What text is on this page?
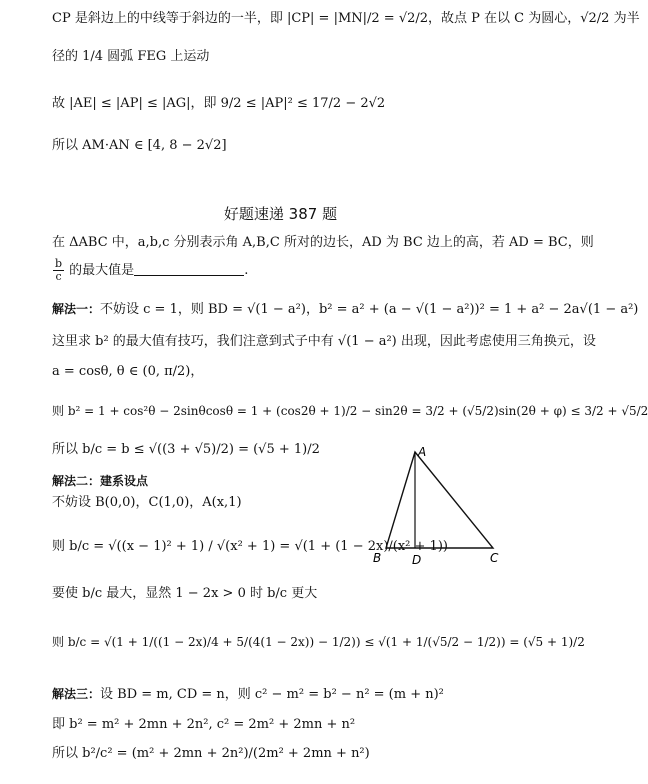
CP 是斜边上的中线等于斜边的一半，即 |CP| = |MN|/2 = √2/2，故点 P 在以 C 为圆心，√2/2 为半
径的 1/4 圆弧 FEG 上运动
故 |AE| ≤ |AP| ≤ |AG|，即 9/2 ≤ |AP|² ≤ 17/2 − 2√2
所以 AM·AN ∈ [4, 8 − 2√2]
好题速递 387 题
在 ΔABC 中，a,b,c 分别表示角 A,B,C 所对的边长，AD 为 BC 边上的高，若 AD = BC，则
$\frac{b}{c}$ 的最大值是	.
解法一：不妨设 c = 1，则 BD = √(1 − a²)，b² = a² + (a − √(1 − a²))² = 1 + a² − 2a√(1 − a²)
这里求 b² 的最大值有技巧，我们注意到式子中有 √(1 − a²) 出现，因此考虑使用三角换元，设
a = cosθ, θ ∈ (0, π/2)，
则 b² = 1 + cos²θ − 2sinθcosθ = 1 + (cos2θ + 1)/2 − sin2θ = 3/2 + (√5/2)sin(2θ + φ) ≤ 3/2 + √5/2
所以 b/c = b ≤ √((3 + √5)/2) = (√5 + 1)/2
解法二：建系设点
不妨设 B(0,0)，C(1,0)，A(x,1)
则 b/c = √((x − 1)² + 1) / √(x² + 1) = √(1 + (1 − 2x)/(x² + 1))
要使 b/c 最大，显然 1 − 2x > 0 时 b/c 更大
则 b/c = √(1 + 1/((1 − 2x)/4 + 5/(4(1 − 2x)) − 1/2)) ≤ √(1 + 1/(√5/2 − 1/2)) = (√5 + 1)/2
解法三：设 BD = m, CD = n，则 c² − m² = b² − n² = (m + n)²
即 b² = m² + 2mn + 2n², c² = 2m² + 2mn + n²
所以 b²/c² = (m² + 2mn + 2n²)/(2m² + 2mn + n²)
A
B	D	C
